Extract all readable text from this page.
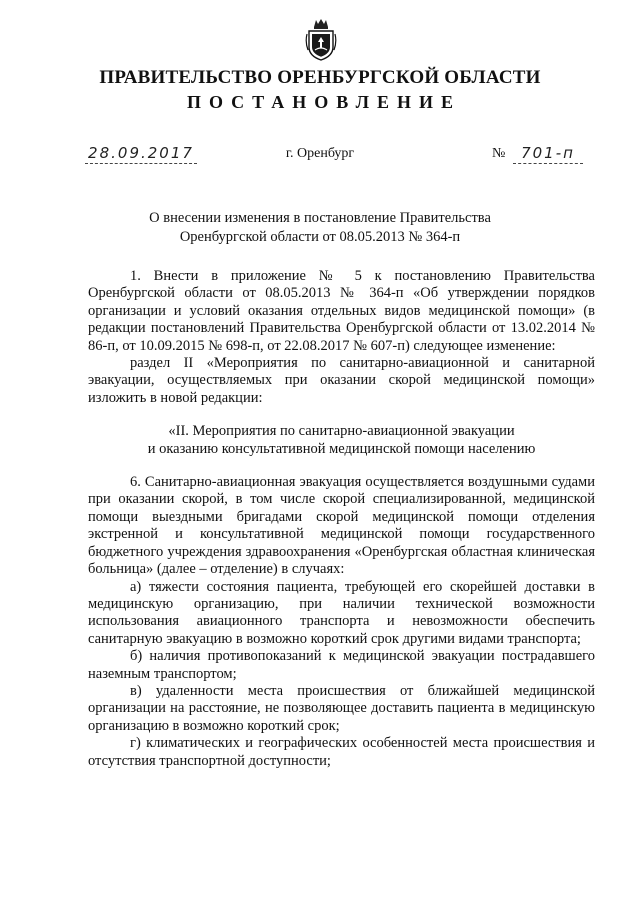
ПРАВИТЕЛЬСТВО ОРЕНБУРГСКОЙ ОБЛАСТИ
ПОСТАНОВЛЕНИЕ
28.09.2017	г. Оренбург	№	701-п
О внесении изменения в постановление Правительства
Оренбургской области от 08.05.2013 № 364-п

1. Внести в приложение № 5 к постановлению Правительства Оренбургской области от 08.05.2013 № 364-п «Об утверждении порядков организации и условий оказания отдельных видов медицинской помощи» (в редакции постановлений Правительства Оренбургской области от 13.02.2014 № 86-п, от 10.09.2015 № 698-п, от 22.08.2017 № 607-п) следующее изменение:

раздел II «Мероприятия по санитарно-авиационной и санитарной эвакуации, осуществляемых при оказании скорой медицинской помощи» изложить в новой редакции:

«II. Мероприятия по санитарно-авиационной эвакуации

и оказанию консультативной медицинской помощи населению

6. Санитарно-авиационная эвакуация осуществляется воздушными судами при оказании скорой, в том числе скорой специализированной, медицинской помощи выездными бригадами скорой медицинской помощи отделения экстренной и консультативной медицинской помощи государственного бюджетного учреждения здравоохранения «Оренбургская областная клиническая больница» (далее – отделение) в случаях:

а) тяжести состояния пациента, требующей его скорейшей доставки в медицинскую организацию, при наличии технической возможности использования авиационного транспорта и невозможности обеспечить санитарную эвакуацию в возможно короткий срок другими видами транспорта;

б) наличия противопоказаний к медицинской эвакуации пострадавшего наземным транспортом;

в) удаленности места происшествия от ближайшей медицинской организации на расстояние, не позволяющее доставить пациента в медицинскую организацию в возможно короткий срок;

г) климатических и географических особенностей места происшествия и отсутствия транспортной доступности;
